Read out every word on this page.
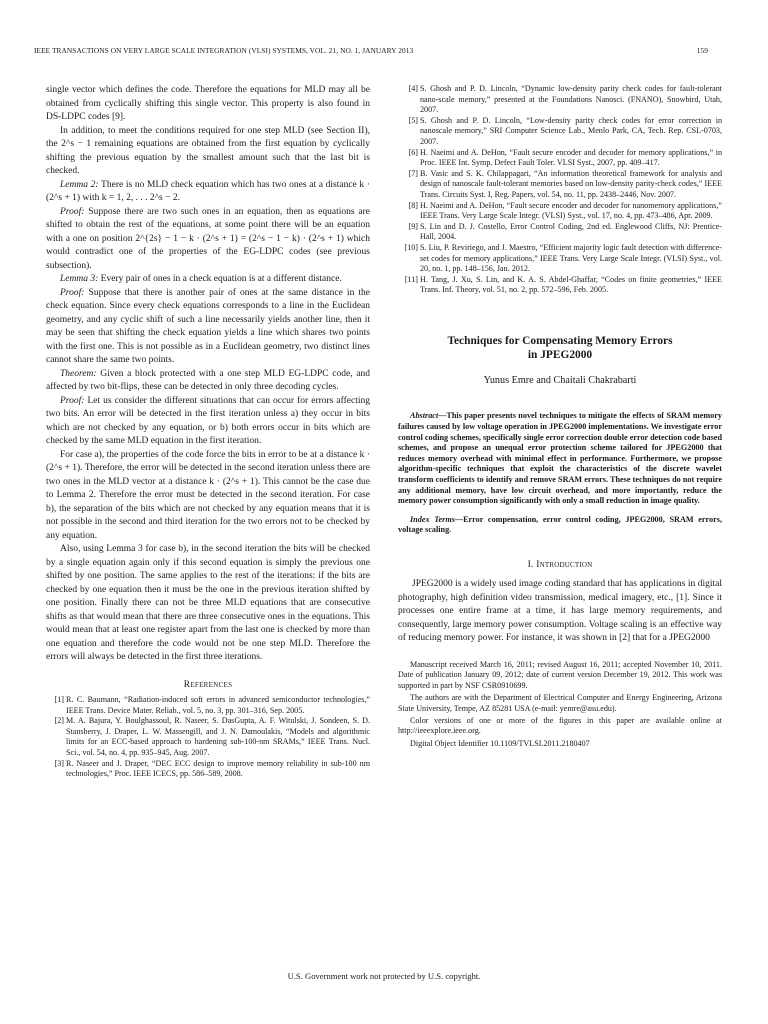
IEEE TRANSACTIONS ON VERY LARGE SCALE INTEGRATION (VLSI) SYSTEMS, VOL. 21, NO. 1, JANUARY 2013	159

single vector which defines the code. Therefore the equations for MLD may all be obtained from cyclically shifting this single vector. This property is also found in DS-LDPC codes [9].

In addition, to meet the conditions required for one step MLD (see Section II), the 2^s − 1 remaining equations are obtained from the first equation by cyclically shifting the previous equation by the smallest amount such that the last bit is checked.

Lemma 2: There is no MLD check equation which has two ones at a distance k · (2^s + 1) with k = 1, 2, . . . 2^s − 2.

Proof: Suppose there are two such ones in an equation, then as equations are shifted to obtain the rest of the equations, at some point there will be an equation with a one on position 2^{2s} − 1 − k · (2^s + 1) = (2^s − 1 − k) · (2^s + 1) which would contradict one of the properties of the EG-LDPC codes (see previous subsection).

Lemma 3: Every pair of ones in a check equation is at a different distance.

Proof: Suppose that there is another pair of ones at the same distance in the check equation. Since every check equations corresponds to a line in the Euclidean geometry, and any cyclic shift of such a line necessarily yields another line, then it may be seen that shifting the check equation yields a line which shares two points with the first one. This is not possible as in a Euclidean geometry, two distinct lines cannot share the same two points.

Theorem: Given a block protected with a one step MLD EG-LDPC code, and affected by two bit-flips, these can be detected in only three decoding cycles.

Proof: Let us consider the different situations that can occur for errors affecting two bits. An error will be detected in the first iteration unless a) they occur in bits which are not checked by any equation, or b) both errors occur in bits which are checked by the same MLD equation in the first iteration.

For case a), the properties of the code force the bits in error to be at a distance k · (2^s + 1). Therefore, the error will be detected in the second iteration unless there are two ones in the MLD vector at a distance k · (2^s + 1). This cannot be the case due to Lemma 2. Therefore the error must be detected in the second iteration. For case b), the separation of the bits which are not checked by any equation means that it is not possible in the second and third iteration for the two errors not to be checked by any equation.

Also, using Lemma 3 for case b), in the second iteration the bits will be checked by a single equation again only if this second equation is simply the previous one shifted by one position. The same applies to the rest of the iterations: if the bits are checked by one equation then it must be the one in the previous iteration shifted by one position. Finally there can not be three MLD equations that are consecutive shifts as that would mean that there are three consecutive ones in the equations. This would mean that at least one register apart from the last one is checked by more than one equation and therefore the code would not be one step MLD. Therefore the errors will always be detected in the first three iterations.

References
[1] R. C. Baumann, “Radiation-induced soft errors in advanced semiconductor technologies,” IEEE Trans. Device Mater. Reliab., vol. 5, no. 3, pp. 301–316, Sep. 2005.
[2] M. A. Bajura, Y. Boulghassoul, R. Naseer, S. DasGupta, A. F. Witulski, J. Sondeen, S. D. Stansberry, J. Draper, L. W. Massengill, and J. N. Damoulakis, “Models and algorithmic limits for an ECC-based approach to hardening sub-100-nm SRAMs,” IEEE Trans. Nucl. Sci., vol. 54, no. 4, pp. 935–945, Aug. 2007.
[3] R. Naseer and J. Draper, “DEC ECC design to improve memory reliability in sub-100 nm technologies,” Proc. IEEE ICECS, pp. 586–589, 2008.
[4] S. Ghosh and P. D. Lincoln, “Dynamic low-density parity check codes for fault-tolerant nano-scale memory,” presented at the Foundations Nanosci. (FNANO), Snowbird, Utah, 2007.
[5] S. Ghosh and P. D. Lincoln, “Low-density parity check codes for error correction in nanoscale memory,” SRI Computer Science Lab., Menlo Park, CA, Tech. Rep. CSL-0703, 2007.
[6] H. Naeimi and A. DeHon, “Fault secure encoder and decoder for memory applications,” in Proc. IEEE Int. Symp. Defect Fault Toler. VLSI Syst., 2007, pp. 409–417.
[7] B. Vasic and S. K. Chilappagari, “An information theoretical framework for analysis and design of nanoscale fault-tolerant memories based on low-density parity-check codes,” IEEE Trans. Circuits Syst. I, Reg. Papers, vol. 54, no. 11, pp. 2438–2446, Nov. 2007.
[8] H. Naeimi and A. DeHon, “Fault secure encoder and decoder for nanomemory applications,” IEEE Trans. Very Large Scale Integr. (VLSI) Syst., vol. 17, no. 4, pp. 473–486, Apr. 2009.
[9] S. Lin and D. J. Costello, Error Control Coding, 2nd ed. Englewood Cliffs, NJ: Prentice-Hall, 2004.
[10] S. Liu, P. Reviriego, and J. Maestro, “Efficient majority logic fault detection with difference-set codes for memory applications,” IEEE Trans. Very Large Scale Integr. (VLSI) Syst., vol. 20, no. 1, pp. 148–156, Jan. 2012.
[11] H. Tang, J. Xu, S. Lin, and K. A. S. Abdel-Ghaffar, “Codes on finite geometries,” IEEE Trans. Inf. Theory, vol. 51, no. 2, pp. 572–596, Feb. 2005.
Techniques for Compensating Memory Errors
in JPEG2000
Yunus Emre and Chaitali Chakrabarti

Abstract—This paper presents novel techniques to mitigate the effects of SRAM memory failures caused by low voltage operation in JPEG2000 implementations. We investigate error control coding schemes, specifically single error correction double error detection code based schemes, and propose an unequal error protection scheme tailored for JPEG2000 that reduces memory overhead with minimal effect in performance. Furthermore, we propose algorithm-specific techniques that exploit the characteristics of the discrete wavelet transform coefficients to identify and remove SRAM errors. These techniques do not require any additional memory, have low circuit overhead, and more importantly, reduce the memory power consumption significantly with only a small reduction in image quality.

Index Terms—Error compensation, error control coding, JPEG2000, SRAM errors, voltage scaling.

I. Introduction

JPEG2000 is a widely used image coding standard that has applications in digital photography, high definition video transmission, medical imagery, etc., [1]. Since it processes one entire frame at a time, it has large memory requirements, and consequently, large memory power consumption. Voltage scaling is an effective way of reducing memory power. For instance, it was shown in [2] that for a JPEG2000

Manuscript received March 16, 2011; revised August 16, 2011; accepted November 10, 2011. Date of publication January 09, 2012; date of current version December 19, 2012. This work was supported in part by NSF CSR0910699.

The authors are with the Department of Electrical Computer and Energy Engineering, Arizona State University, Tempe, AZ 85281 USA (e-mail: yemre@asu.edu).

Color versions of one or more of the figures in this paper are available online at http://ieeexplore.ieee.org.

Digital Object Identifier 10.1109/TVLSI.2011.2180407

U.S. Government work not protected by U.S. copyright.
